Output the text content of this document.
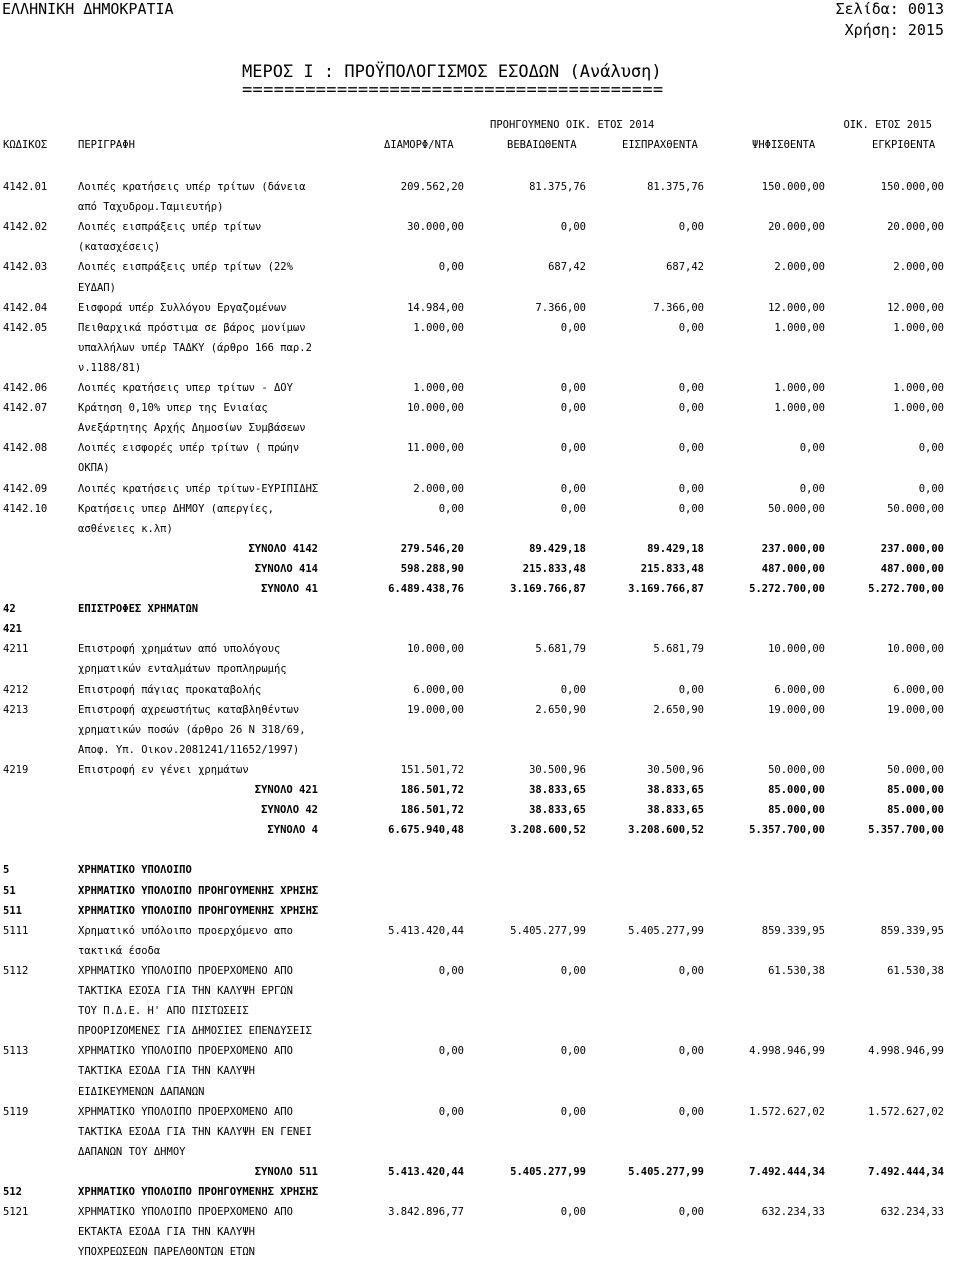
ΕΛΛΗΝΙΚΗ ΔΗΜΟΚΡΑΤΙΑ	Σελίδα: 0013
Χρήση: 2015
ΜΕΡΟΣ Ι : ΠΡΟΫΠΟΛΟΓΙΣΜΟΣ ΕΣΟΔΩΝ (Ανάλυση)
========================================
ΠΡΟΗΓΟΥΜΕΝΟ ΟΙΚ. ΕΤΟΣ 2014	ΟΙΚ. ΕΤΟΣ 2015
ΚΩΔΙΚΟΣ	ΠΕΡΙΓΡΑΦΗ	ΔΙΑΜΟΡΦ/ΝΤΑ	ΒΕΒΑΙΩΘΕΝΤΑ	ΕΙΣΠΡΑΧΘΕΝΤΑ	ΨΗΦΙΣΘΕΝΤΑ	ΕΓΚΡΙΘΕΝΤΑ
4142.01	Λοιπές κρατήσεις υπέρ τρίτων (δάνεια	209.562,20	81.375,76	81.375,76	150.000,00	150.000,00
από Ταχυδρομ.Ταμιευτήρ)
4142.02	Λοιπές εισπράξεις υπέρ τρίτων	30.000,00	0,00	0,00	20.000,00	20.000,00
(κατασχέσεις)
4142.03	Λοιπές εισπράξεις υπέρ τρίτων (22%	0,00	687,42	687,42	2.000,00	2.000,00
ΕΥΔΑΠ)
4142.04	Εισφορά υπέρ Συλλόγου Εργαζομένων	14.984,00	7.366,00	7.366,00	12.000,00	12.000,00
4142.05	Πειθαρχικά πρόστιμα σε βάρος μονίμων	1.000,00	0,00	0,00	1.000,00	1.000,00
υπαλλήλων υπέρ ΤΑΔΚΥ (άρθρο 166 παρ.2
ν.1188/81)
4142.06	Λοιπές κρατήσεις υπερ τρίτων - ΔΟΥ	1.000,00	0,00	0,00	1.000,00	1.000,00
4142.07	Κράτηση 0,10% υπερ της Ενιαίας	10.000,00	0,00	0,00	1.000,00	1.000,00
Ανεξάρτητης Αρχής Δημοσίων Συμβάσεων
4142.08	Λοιπές εισφορές υπέρ τρίτων ( πρώην	11.000,00	0,00	0,00	0,00	0,00
ΟΚΠΑ)
4142.09	Λοιπές κρατήσεις υπέρ τρίτων-ΕΥΡΙΠΙΔΗΣ	2.000,00	0,00	0,00	0,00	0,00
4142.10	Κρατήσεις υπερ ΔΗΜΟΥ (απεργίες,	0,00	0,00	0,00	50.000,00	50.000,00
ασθένειες κ.λπ)
ΣΥΝΟΛΟ 4142	279.546,20	89.429,18	89.429,18	237.000,00	237.000,00
ΣΥΝΟΛΟ 414	598.288,90	215.833,48	215.833,48	487.000,00	487.000,00
ΣΥΝΟΛΟ 41	6.489.438,76	3.169.766,87	3.169.766,87	5.272.700,00	5.272.700,00
42	ΕΠΙΣΤΡΟΦΕΣ ΧΡΗΜΑΤΩΝ
421
4211	Επιστροφή χρημάτων από υπολόγους	10.000,00	5.681,79	5.681,79	10.000,00	10.000,00
χρηματικών ενταλμάτων προπληρωμής
4212	Επιστροφή πάγιας προκαταβολής	6.000,00	0,00	0,00	6.000,00	6.000,00
4213	Επιστροφή αχρεωστήτως καταβληθέντων	19.000,00	2.650,90	2.650,90	19.000,00	19.000,00
χρηματικών ποσών (άρθρο 26 Ν 318/69,
Αποφ. Υπ. Οικον.2081241/11652/1997)
4219	Επιστροφή εν γένει χρημάτων	151.501,72	30.500,96	30.500,96	50.000,00	50.000,00
ΣΥΝΟΛΟ 421	186.501,72	38.833,65	38.833,65	85.000,00	85.000,00
ΣΥΝΟΛΟ 42	186.501,72	38.833,65	38.833,65	85.000,00	85.000,00
ΣΥΝΟΛΟ 4	6.675.940,48	3.208.600,52	3.208.600,52	5.357.700,00	5.357.700,00
5	ΧΡΗΜΑΤΙΚΟ ΥΠΟΛΟΙΠΟ
51	ΧΡΗΜΑΤΙΚΟ ΥΠΟΛΟΙΠΟ ΠΡΟΗΓΟΥΜΕΝΗΣ ΧΡΗΣΗΣ
511	ΧΡΗΜΑΤΙΚΟ ΥΠΟΛΟΙΠΟ ΠΡΟΗΓΟΥΜΕΝΗΣ ΧΡΗΣΗΣ
5111	Χρηματικό υπόλοιπο προερχόμενο απο	5.413.420,44	5.405.277,99	5.405.277,99	859.339,95	859.339,95
τακτικά έσοδα
5112	ΧΡΗΜΑΤΙΚΟ ΥΠΟΛΟΙΠΟ ΠΡΟΕΡΧΟΜΕΝΟ ΑΠΟ	0,00	0,00	0,00	61.530,38	61.530,38
ΤΑΚΤΙΚΑ ΕΣΟΣΑ ΓΙΑ ΤΗΝ ΚΑΛΥΨΗ ΕΡΓΩΝ
ΤΟΥ Π.Δ.Ε. Η' ΑΠΟ ΠΙΣΤΩΣΕΙΣ
ΠΡΟΟΡΙΖΟΜΕΝΕΣ ΓΙΑ ΔΗΜΟΣΙΕΣ ΕΠΕΝΔΥΣΕΙΣ
5113	ΧΡΗΜΑΤΙΚΟ ΥΠΟΛΟΙΠΟ ΠΡΟΕΡΧΟΜΕΝΟ ΑΠΟ	0,00	0,00	0,00	4.998.946,99	4.998.946,99
ΤΑΚΤΙΚΑ ΕΣΟΔΑ ΓΙΑ ΤΗΝ ΚΑΛΥΨΗ
ΕΙΔΙΚΕΥΜΕΝΩΝ ΔΑΠΑΝΩΝ
5119	ΧΡΗΜΑΤΙΚΟ ΥΠΟΛΟΙΠΟ ΠΡΟΕΡΧΟΜΕΝΟ ΑΠΟ	0,00	0,00	0,00	1.572.627,02	1.572.627,02
ΤΑΚΤΙΚΑ ΕΣΟΔΑ ΓΙΑ ΤΗΝ ΚΑΛΥΨΗ ΕΝ ΓΕΝΕΙ
ΔΑΠΑΝΩΝ ΤΟΥ ΔΗΜΟΥ
ΣΥΝΟΛΟ 511	5.413.420,44	5.405.277,99	5.405.277,99	7.492.444,34	7.492.444,34
512	ΧΡΗΜΑΤΙΚΟ ΥΠΟΛΟΙΠΟ ΠΡΟΗΓΟΥΜΕΝΗΣ ΧΡΗΣΗΣ
5121	ΧΡΗΜΑΤΙΚΟ ΥΠΟΛΟΙΠΟ ΠΡΟΕΡΧΟΜΕΝΟ ΑΠΟ	3.842.896,77	0,00	0,00	632.234,33	632.234,33
ΕΚΤΑΚΤΑ ΕΣΟΔΑ ΓΙΑ ΤΗΝ ΚΑΛΥΨΗ
ΥΠΟΧΡΕΩΣΕΩΝ ΠΑΡΕΛΘΟΝΤΩΝ ΕΤΩΝ
